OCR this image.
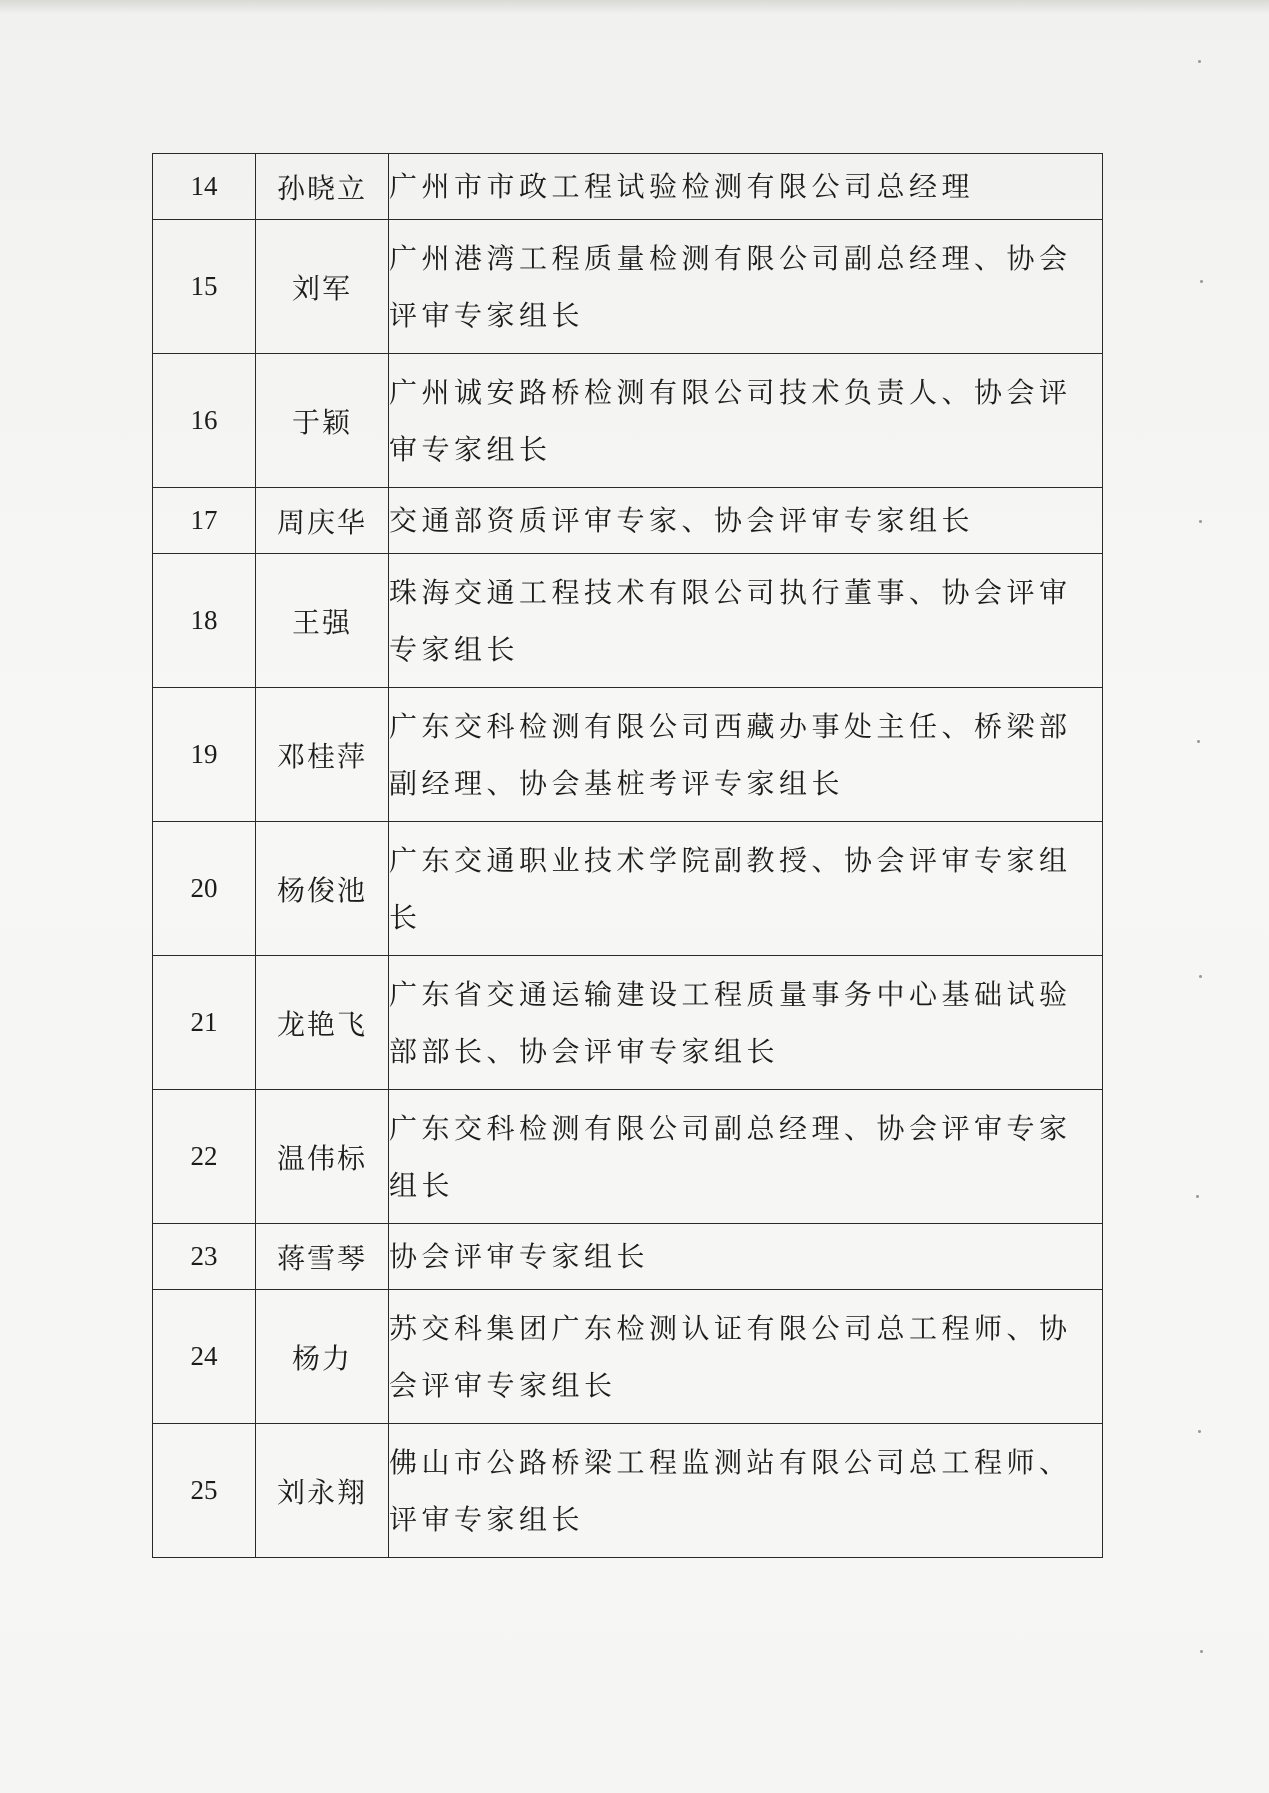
14	孙晓立	广州市市政工程试验检测有限公司总经理
15	刘军	广州港湾工程质量检测有限公司副总经理、协会评审专家组长
16	于颖	广州诚安路桥检测有限公司技术负责人、协会评审专家组长
17	周庆华	交通部资质评审专家、协会评审专家组长
18	王强	珠海交通工程技术有限公司执行董事、协会评审专家组长
19	邓桂萍	广东交科检测有限公司西藏办事处主任、桥梁部副经理、协会基桩考评专家组长
20	杨俊池	广东交通职业技术学院副教授、协会评审专家组长
21	龙艳飞	广东省交通运输建设工程质量事务中心基础试验部部长、协会评审专家组长
22	温伟标	广东交科检测有限公司副总经理、协会评审专家组长
23	蒋雪琴	协会评审专家组长
24	杨力	苏交科集团广东检测认证有限公司总工程师、协会评审专家组长
25	刘永翔	佛山市公路桥梁工程监测站有限公司总工程师、评审专家组长
